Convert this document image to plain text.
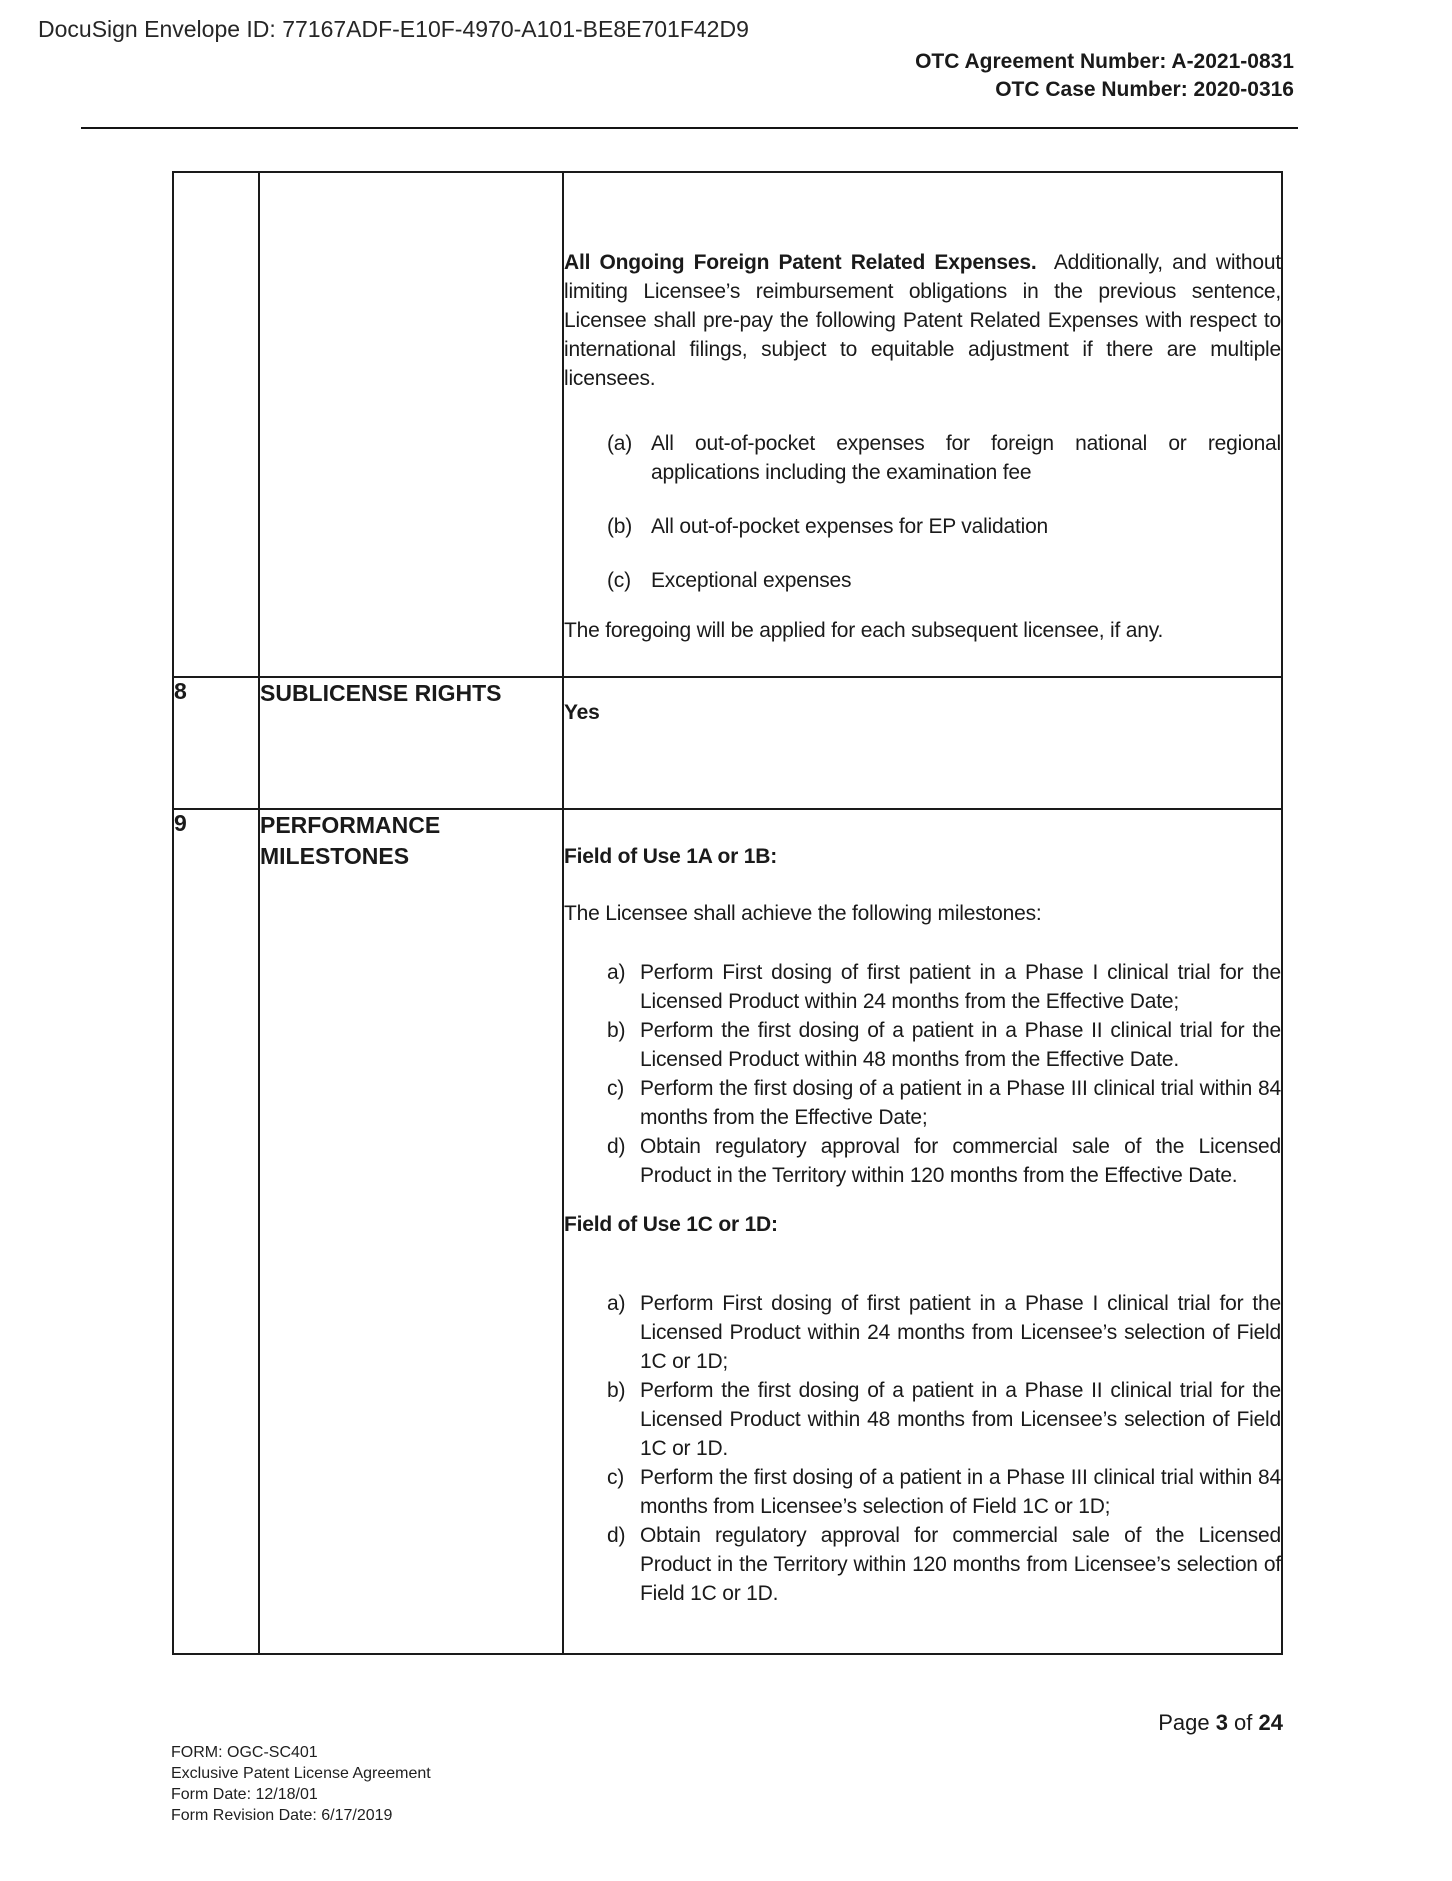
DocuSign Envelope ID: 77167ADF-E10F-4970-A101-BE8E701F42D9
OTC Agreement Number: A-2021-0831
OTC Case Number: 2020-0316

All Ongoing Foreign Patent Related Expenses.  Additionally, and without limiting Licensee’s reimbursement obligations in the previous sentence, Licensee shall pre-pay the following Patent Related Expenses with respect to international filings, subject to equitable adjustment if there are multiple licensees.

(a) All out-of-pocket expenses for foreign national or regional applications including the examination fee
(b) All out-of-pocket expenses for EP validation
(c) Exceptional expenses

The foregoing will be applied for each subsequent licensee, if any.

8	SUBLICENSE RIGHTS	Yes

9	PERFORMANCE MILESTONES	Field of Use 1A or 1B:

The Licensee shall achieve the following milestones:

a) Perform First dosing of first patient in a Phase I clinical trial for the Licensed Product within 24 months from the Effective Date;
b) Perform the first dosing of a patient in a Phase II clinical trial for the Licensed Product within 48 months from the Effective Date.
c) Perform the first dosing of a patient in a Phase III clinical trial within 84 months from the Effective Date;
d) Obtain regulatory approval for commercial sale of the Licensed Product in the Territory within 120 months from the Effective Date.
Field of Use 1C or 1D:
a) Perform First dosing of first patient in a Phase I clinical trial for the Licensed Product within 24 months from Licensee’s selection of Field 1C or 1D;
b) Perform the first dosing of a patient in a Phase II clinical trial for the Licensed Product within 48 months from Licensee’s selection of Field 1C or 1D.
c) Perform the first dosing of a patient in a Phase III clinical trial within 84 months from Licensee’s selection of Field 1C or 1D;
d) Obtain regulatory approval for commercial sale of the Licensed Product in the Territory within 120 months from Licensee’s selection of Field 1C or 1D.
FORM: OGC-SC401
Exclusive Patent License Agreement
Form Date: 12/18/01
Form Revision Date: 6/17/2019
Page 3 of 24
